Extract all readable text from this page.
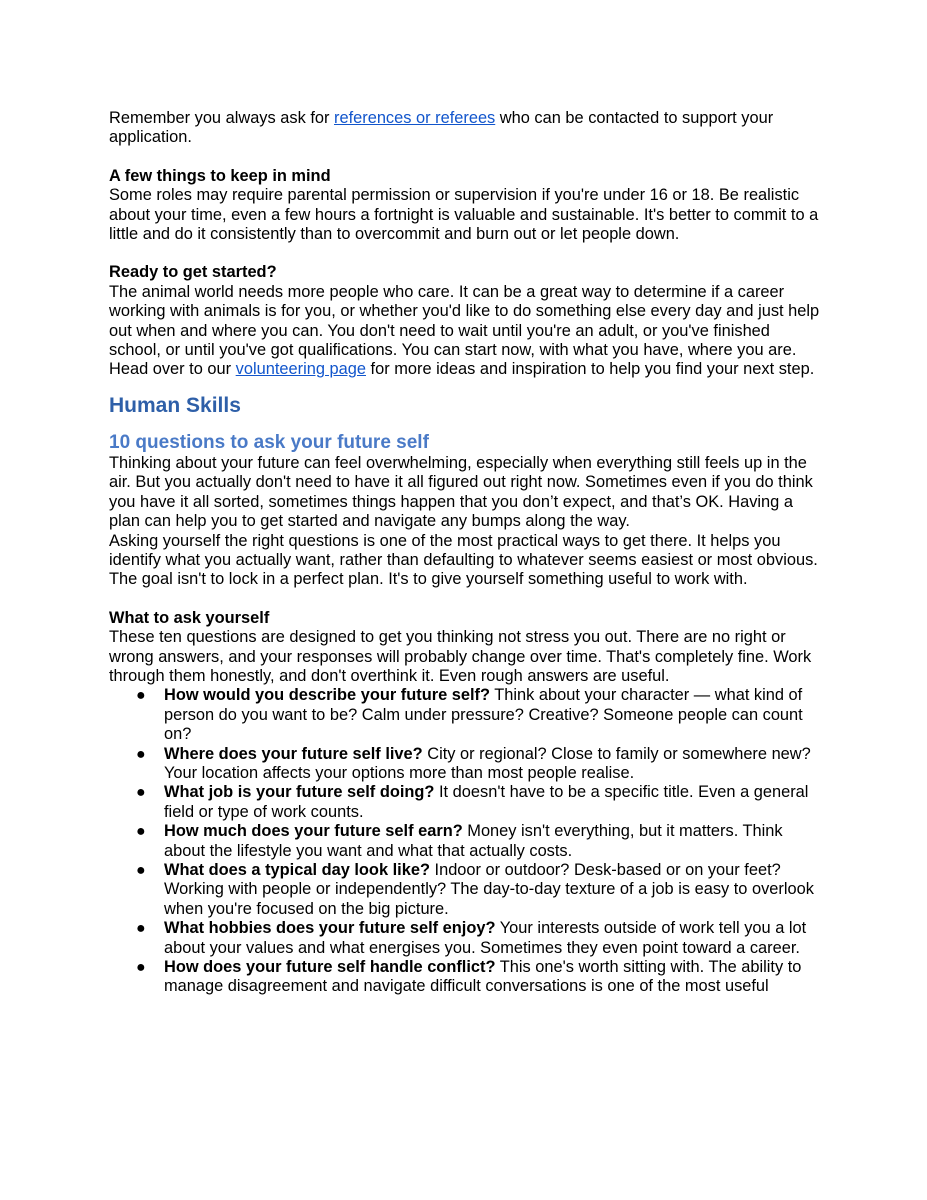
Remember you always ask for references or referees who can be contacted to support your application.

A few things to keep in mind

Some roles may require parental permission or supervision if you're under 16 or 18. Be realistic about your time, even a few hours a fortnight is valuable and sustainable. It's better to commit to a little and do it consistently than to overcommit and burn out or let people down.

Ready to get started?

The animal world needs more people who care. It can be a great way to determine if a career working with animals is for you, or whether you'd like to do something else every day and just help out when and where you can. You don't need to wait until you're an adult, or you've finished school, or until you've got qualifications. You can start now, with what you have, where you are.

Head over to our volunteering page for more ideas and inspiration to help you find your next step.

Human Skills
10 questions to ask your future self

Thinking about your future can feel overwhelming, especially when everything still feels up in the air. But you actually don't need to have it all figured out right now. Sometimes even if you do think you have it all sorted, sometimes things happen that you don’t expect, and that’s OK. Having a plan can help you to get started and navigate any bumps along the way.

Asking yourself the right questions is one of the most practical ways to get there. It helps you identify what you actually want, rather than defaulting to whatever seems easiest or most obvious. The goal isn't to lock in a perfect plan. It's to give yourself something useful to work with.

What to ask yourself

These ten questions are designed to get you thinking not stress you out. There are no right or wrong answers, and your responses will probably change over time. That's completely fine. Work through them honestly, and don't overthink it. Even rough answers are useful.

● How would you describe your future self? Think about your character — what kind of person do you want to be? Calm under pressure? Creative? Someone people can count on?
● Where does your future self live? City or regional? Close to family or somewhere new? Your location affects your options more than most people realise.
● What job is your future self doing? It doesn't have to be a specific title. Even a general field or type of work counts.
● How much does your future self earn? Money isn't everything, but it matters. Think about the lifestyle you want and what that actually costs.
● What does a typical day look like? Indoor or outdoor? Desk-based or on your feet? Working with people or independently? The day-to-day texture of a job is easy to overlook when you're focused on the big picture.
● What hobbies does your future self enjoy? Your interests outside of work tell you a lot about your values and what energises you. Sometimes they even point toward a career.
● How does your future self handle conflict? This one's worth sitting with. The ability to manage disagreement and navigate difficult conversations is one of the most useful
